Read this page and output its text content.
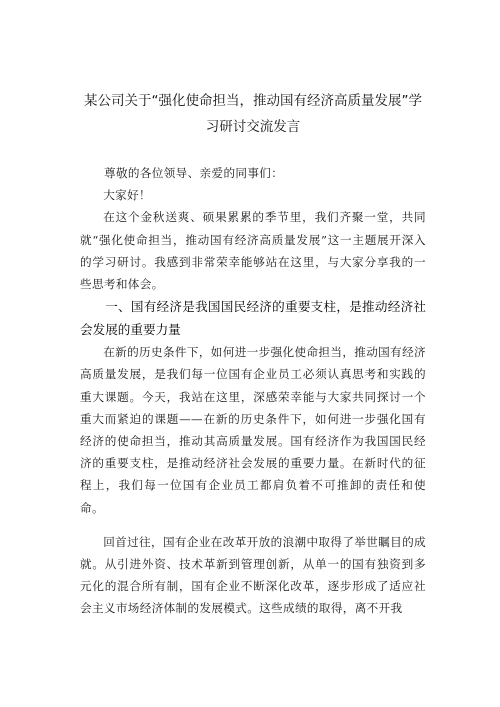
某公司关于“强化使命担当，推动国有经济高质量发展”学习研讨交流发言

尊敬的各位领导、亲爱的同事们：

大家好！

在这个金秋送爽、硕果累累的季节里，我们齐聚一堂，共同就“强化使命担当，推动国有经济高质量发展”这一主题展开深入的学习研讨。我感到非常荣幸能够站在这里，与大家分享我的一些思考和体会。

一、国有经济是我国国民经济的重要支柱，是推动经济社会发展的重要力量

在新的历史条件下，如何进一步强化使命担当，推动国有经济高质量发展，是我们每一位国有企业员工必须认真思考和实践的重大课题。今天，我站在这里，深感荣幸能与大家共同探讨一个重大而紧迫的课题——在新的历史条件下，如何进一步强化国有经济的使命担当，推动其高质量发展。国有经济作为我国国民经济的重要支柱，是推动经济社会发展的重要力量。在新时代的征程上，我们每一位国有企业员工都肩负着不可推卸的责任和使命。

回首过往，国有企业在改革开放的浪潮中取得了举世瞩目的成就。从引进外资、技术革新到管理创新，从单一的国有独资到多元化的混合所有制，国有企业不断深化改革，逐步形成了适应社会主义市场经济体制的发展模式。这些成绩的取得，离不开我
